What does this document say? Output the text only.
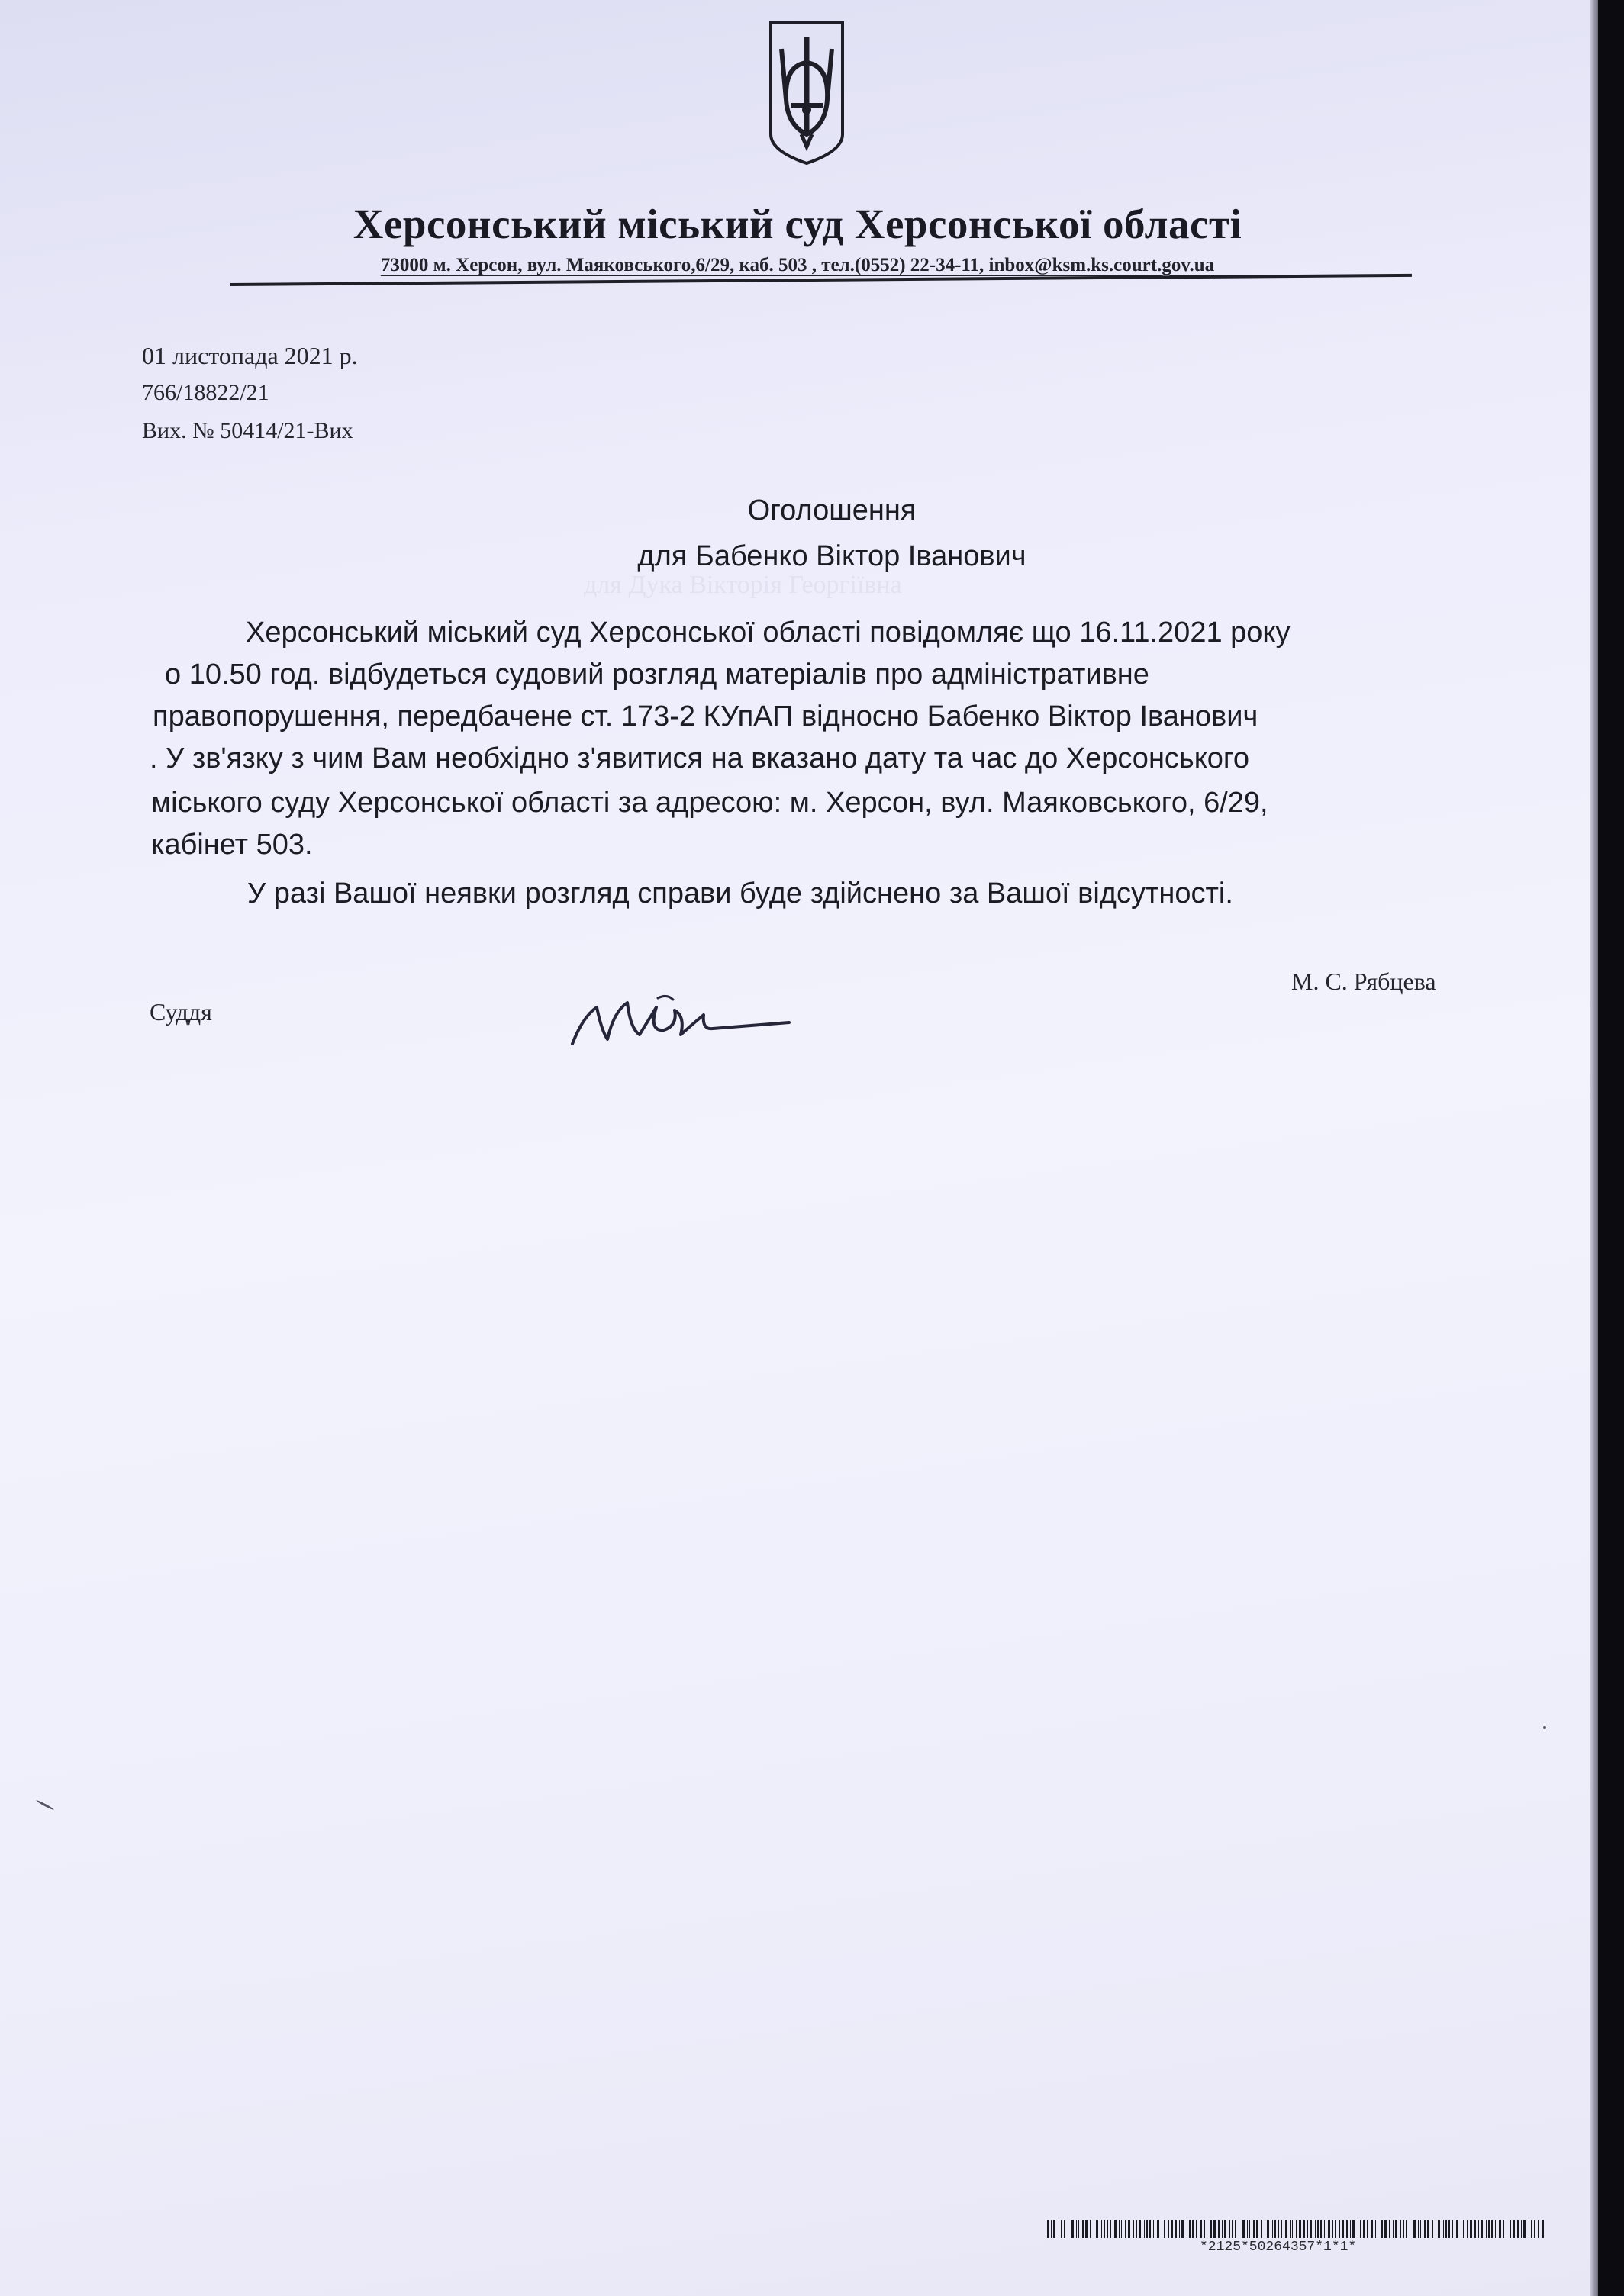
для Дука Вікторія Георгіївна
Херсонський міський суд Херсонської області
73000 м. Херсон, вул. Маяковського,6/29, каб. 503 , тел.(0552) 22-34-11, inbox@ksm.ks.court.gov.ua
01 листопада 2021 р.
766/18822/21
Вих. № 50414/21-Вих
Оголошення
для Бабенко Віктор Іванович
Херсонський міський суд Херсонської області повідомляє що 16.11.2021 року
о 10.50 год. відбудеться судовий розгляд матеріалів про адміністративне
правопорушення, передбачене ст. 173-2 КУпАП відносно Бабенко Віктор Іванович
. У зв'язку з чим Вам необхідно з'явитися на вказано дату та час до Херсонського
міського суду Херсонської області за адресою: м. Херсон, вул. Маяковського, 6/29,
кабінет 503.
У разі Вашої неявки розгляд справи буде здійснено за Вашої відсутності.
М. С. Рябцева
Суддя
*2125*50264357*1*1*
